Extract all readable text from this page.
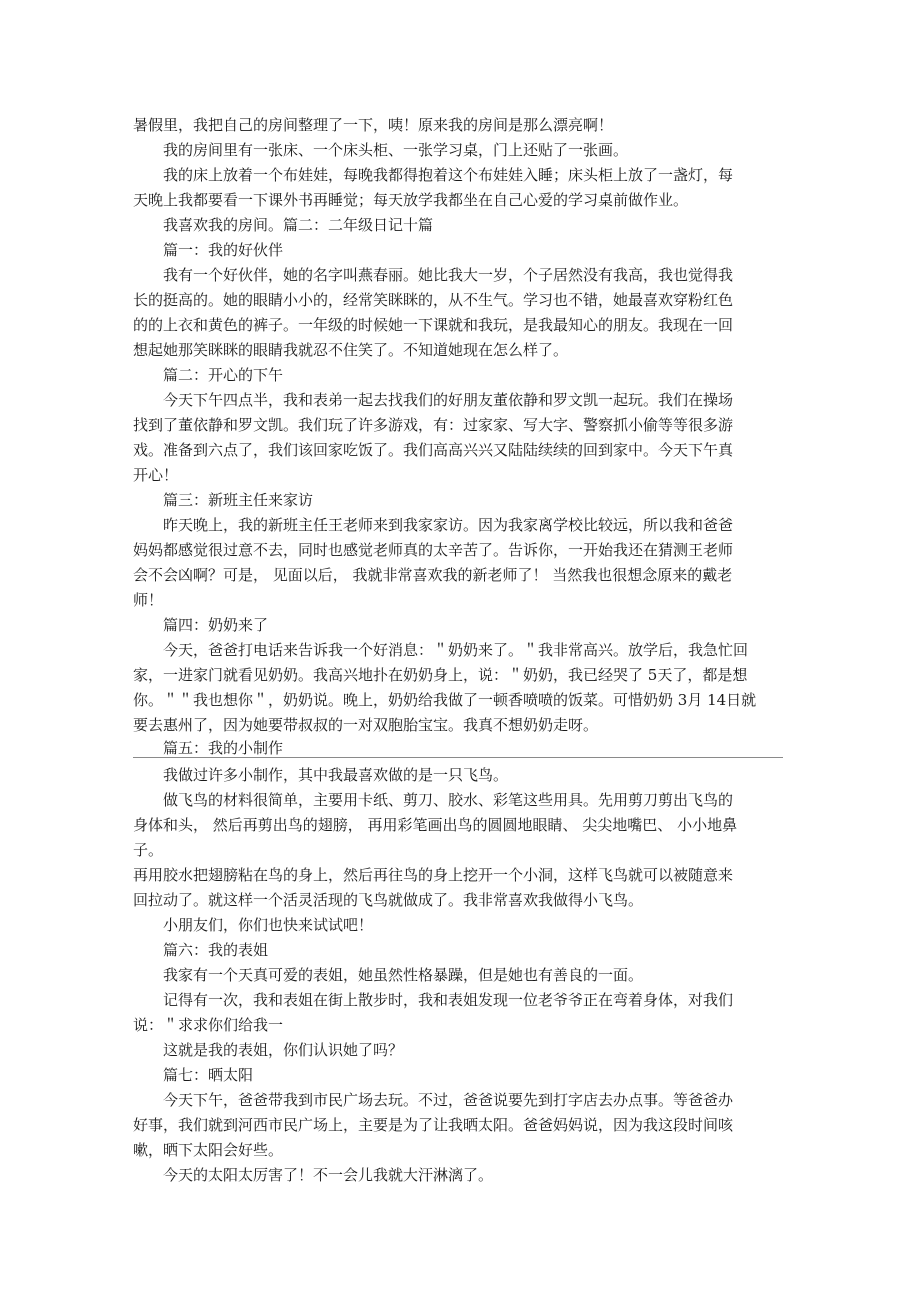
暑假里，我把自己的房间整理了一下，咦！原来我的房间是那么漂亮啊！

我的房间里有一张床、一个床头柜、一张学习桌，门上还贴了一张画。

我的床上放着一个布娃娃，每晚我都得抱着这个布娃娃入睡；床头柜上放了一盏灯，每

天晚上我都要看一下课外书再睡觉；每天放学我都坐在自己心爱的学习桌前做作业。

我喜欢我的房间。篇二：二年级日记十篇

篇一：我的好伙伴

我有一个好伙伴，她的名字叫燕春丽。她比我大一岁，个子居然没有我高，我也觉得我

长的挺高的。她的眼睛小小的，经常笑眯眯的，从不生气。学习也不错，她最喜欢穿粉红色

的的上衣和黄色的裤子。一年级的时候她一下课就和我玩，是我最知心的朋友。我现在一回

想起她那笑眯眯的眼睛我就忍不住笑了。不知道她现在怎么样了。

篇二：开心的下午

今天下午四点半，我和表弟一起去找我们的好朋友董依静和罗文凯一起玩。我们在操场

找到了董依静和罗文凯。我们玩了许多游戏，有：过家家、写大字、警察抓小偷等等很多游

戏。准备到六点了，我们该回家吃饭了。我们高高兴兴又陆陆续续的回到家中。今天下午真

开心！

篇三：新班主任来家访

昨天晚上，我的新班主任王老师来到我家家访。因为我家离学校比较远，所以我和爸爸

妈妈都感觉很过意不去，同时也感觉老师真的太辛苦了。告诉你，一开始我还在猜测王老师

会不会凶啊？可是， 见面以后， 我就非常喜欢我的新老师了！ 当然我也很想念原来的戴老

师！

篇四：奶奶来了

今天，爸爸打电话来告诉我一个好消息：＂奶奶来了。＂我非常高兴。放学后，我急忙回

家，一进家门就看见奶奶。我高兴地扑在奶奶身上，说：＂奶奶，我已经哭了 5天了，都是想

你。＂＂我也想你＂，奶奶说。晚上，奶奶给我做了一顿香喷喷的饭菜。可惜奶奶 3月 14日就

要去惠州了，因为她要带叔叔的一对双胞胎宝宝。我真不想奶奶走呀。

篇五：我的小制作

我做过许多小制作，其中我最喜欢做的是一只飞鸟。

做飞鸟的材料很简单，主要用卡纸、剪刀、胶水、彩笔这些用具。先用剪刀剪出飞鸟的

身体和头， 然后再剪出鸟的翅膀， 再用彩笔画出鸟的圆圆地眼睛、 尖尖地嘴巴、 小小地鼻

子。

再用胶水把翅膀粘在鸟的身上，然后再往鸟的身上挖开一个小洞，这样飞鸟就可以被随意来

回拉动了。就这样一个活灵活现的飞鸟就做成了。我非常喜欢我做得小飞鸟。

小朋友们，你们也快来试试吧！

篇六：我的表姐

我家有一个天真可爱的表姐，她虽然性格暴躁，但是她也有善良的一面。

记得有一次，我和表姐在街上散步时，我和表姐发现一位老爷爷正在弯着身体，对我们

说：＂求求你们给我一

这就是我的表姐，你们认识她了吗？

篇七：晒太阳

今天下午，爸爸带我到市民广场去玩。不过，爸爸说要先到打字店去办点事。等爸爸办

好事，我们就到河西市民广场上，主要是为了让我晒太阳。爸爸妈妈说，因为我这段时间咳

嗽，晒下太阳会好些。

今天的太阳太厉害了！不一会儿我就大汗淋漓了。
